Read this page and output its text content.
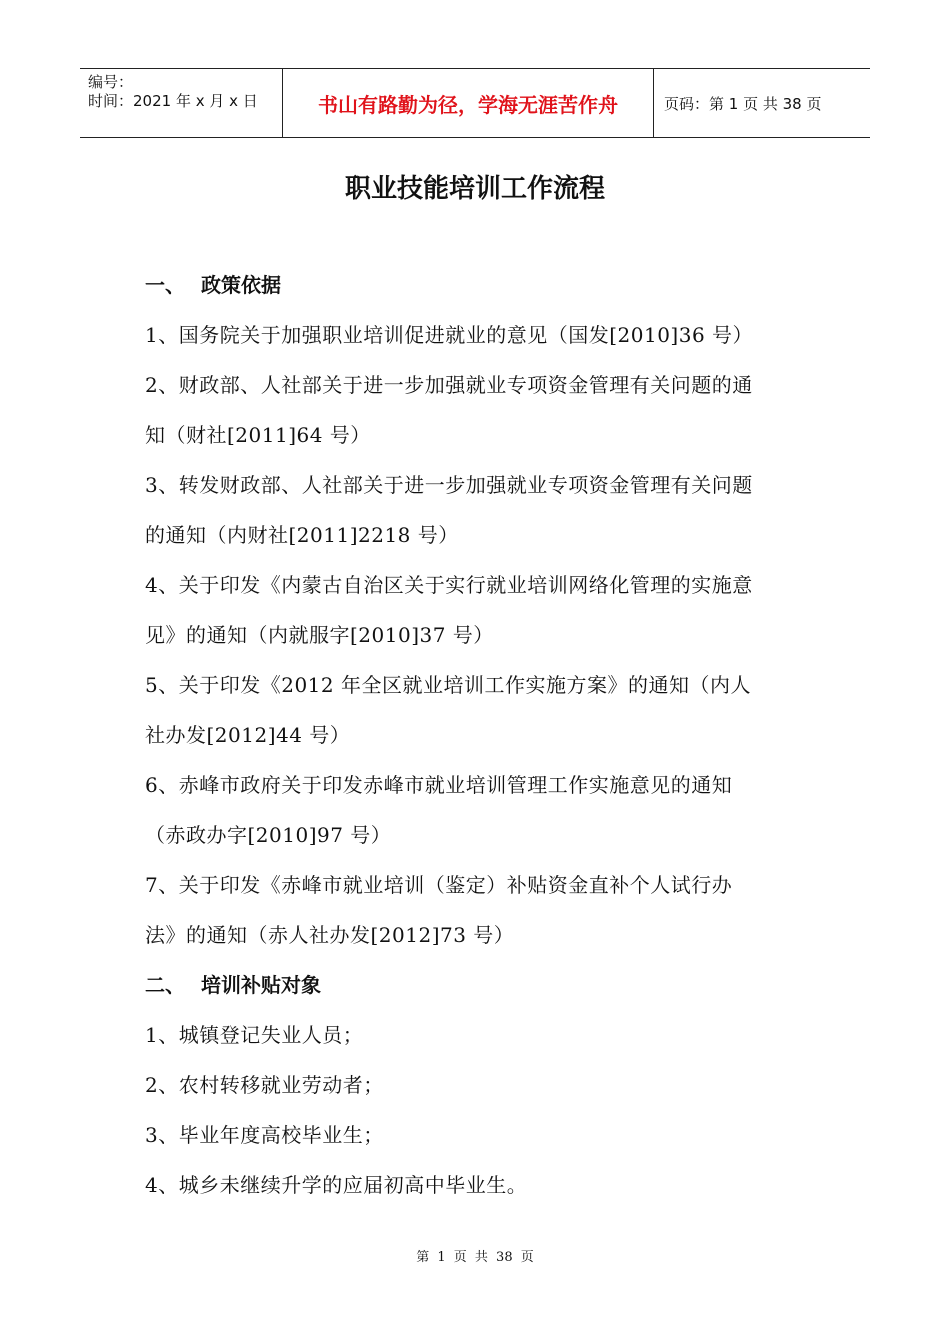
编号：
时间：2021 年 x 月 x 日	书山有路勤为径，学海无涯苦作舟	页码：第 1 页 共 38 页
职业技能培训工作流程
一、 政策依据
1、国务院关于加强职业培训促进就业的意见（国发[2010]36 号）
2、财政部、人社部关于进一步加强就业专项资金管理有关问题的通
知（财社[2011]64 号）
3、转发财政部、人社部关于进一步加强就业专项资金管理有关问题
的通知（内财社[2011]2218 号）
4、关于印发《内蒙古自治区关于实行就业培训网络化管理的实施意
见》的通知（内就服字[2010]37 号）
5、关于印发《2012 年全区就业培训工作实施方案》的通知（内人
社办发[2012]44 号）
6、赤峰市政府关于印发赤峰市就业培训管理工作实施意见的通知
（赤政办字[2010]97 号）
7、关于印发《赤峰市就业培训（鉴定）补贴资金直补个人试行办
法》的通知（赤人社办发[2012]73 号）
二、 培训补贴对象
1、城镇登记失业人员；
2、农村转移就业劳动者；
3、毕业年度高校毕业生；
4、城乡未继续升学的应届初高中毕业生。
第 1 页 共 38 页
